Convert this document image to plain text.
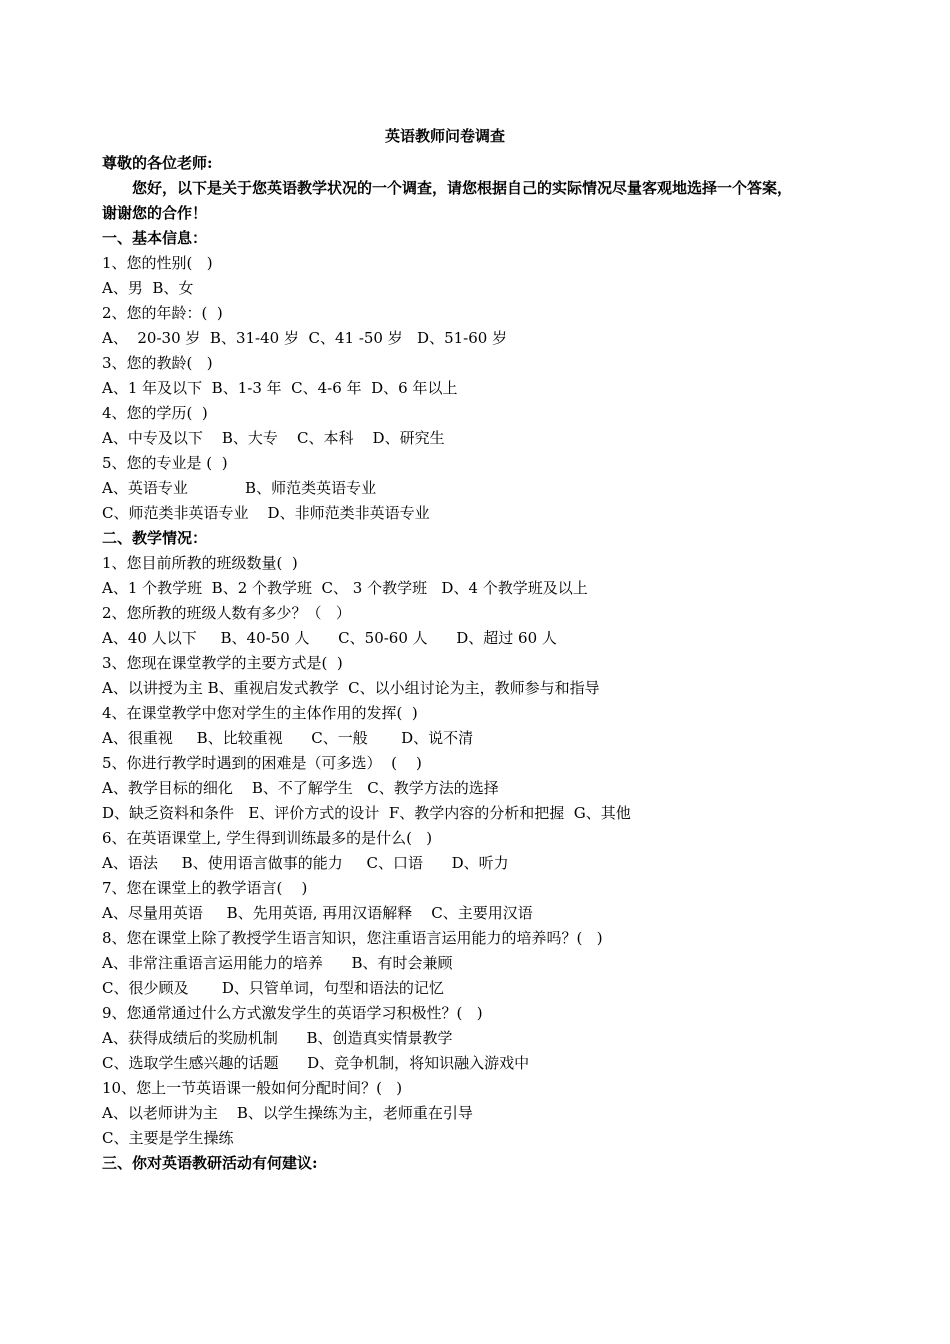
英语教师问卷调查
尊敬的各位老师:
您好，以下是关于您英语教学状况的一个调查，请您根据自己的实际情况尽量客观地选择一个答案，
谢谢您的合作！
一、基本信息：
1、您的性别(   )
A、男  B、女
2、您的年龄：(  )
A、  20-30 岁  B、31-40 岁  C、41 -50 岁   D、51-60 岁
3、您的教龄(   )
A、1 年及以下  B、1-3 年  C、4-6 年  D、6 年以上
4、您的学历(  )
A、中专及以下    B、大专    C、本科    D、研究生
5、您的专业是 (  )
A、英语专业            B、师范类英语专业
C、师范类非英语专业    D、非师范类非英语专业
二、教学情况：
1、您目前所教的班级数量(  )
A、1 个教学班  B、2 个教学班  C、 3 个教学班   D、4 个教学班及以上
2、您所教的班级人数有多少？（   ）
A、40 人以下     B、40-50 人      C、50-60 人      D、超过 60 人
3、您现在课堂教学的主要方式是(  )
A、以讲授为主 B、重视启发式教学  C、以小组讨论为主，教师参与和指导
4、在课堂教学中您对学生的主体作用的发挥(  )
A、很重视     B、比较重视      C、一般       D、说不清
5、你进行教学时遇到的困难是（可多选）  (    )
A、教学目标的细化    B、不了解学生   C、教学方法的选择
D、缺乏资料和条件   E、评价方式的设计  F、教学内容的分析和把握  G、其他
6、在英语课堂上, 学生得到训练最多的是什么(   )
A、语法     B、使用语言做事的能力     C、口语      D、听力
7、您在课堂上的教学语言(    )
A、尽量用英语     B、先用英语, 再用汉语解释    C、主要用汉语
8、您在课堂上除了教授学生语言知识，您注重语言运用能力的培养吗？(   )
A、非常注重语言运用能力的培养      B、有时会兼顾
C、很少顾及       D、只管单词，句型和语法的记忆
9、您通常通过什么方式激发学生的英语学习积极性？(   )
A、获得成绩后的奖励机制      B、创造真实情景教学
C、选取学生感兴趣的话题      D、竞争机制，将知识融入游戏中
10、您上一节英语课一般如何分配时间？(   )
A、以老师讲为主    B、以学生操练为主，老师重在引导
C、主要是学生操练
三、你对英语教研活动有何建议:
